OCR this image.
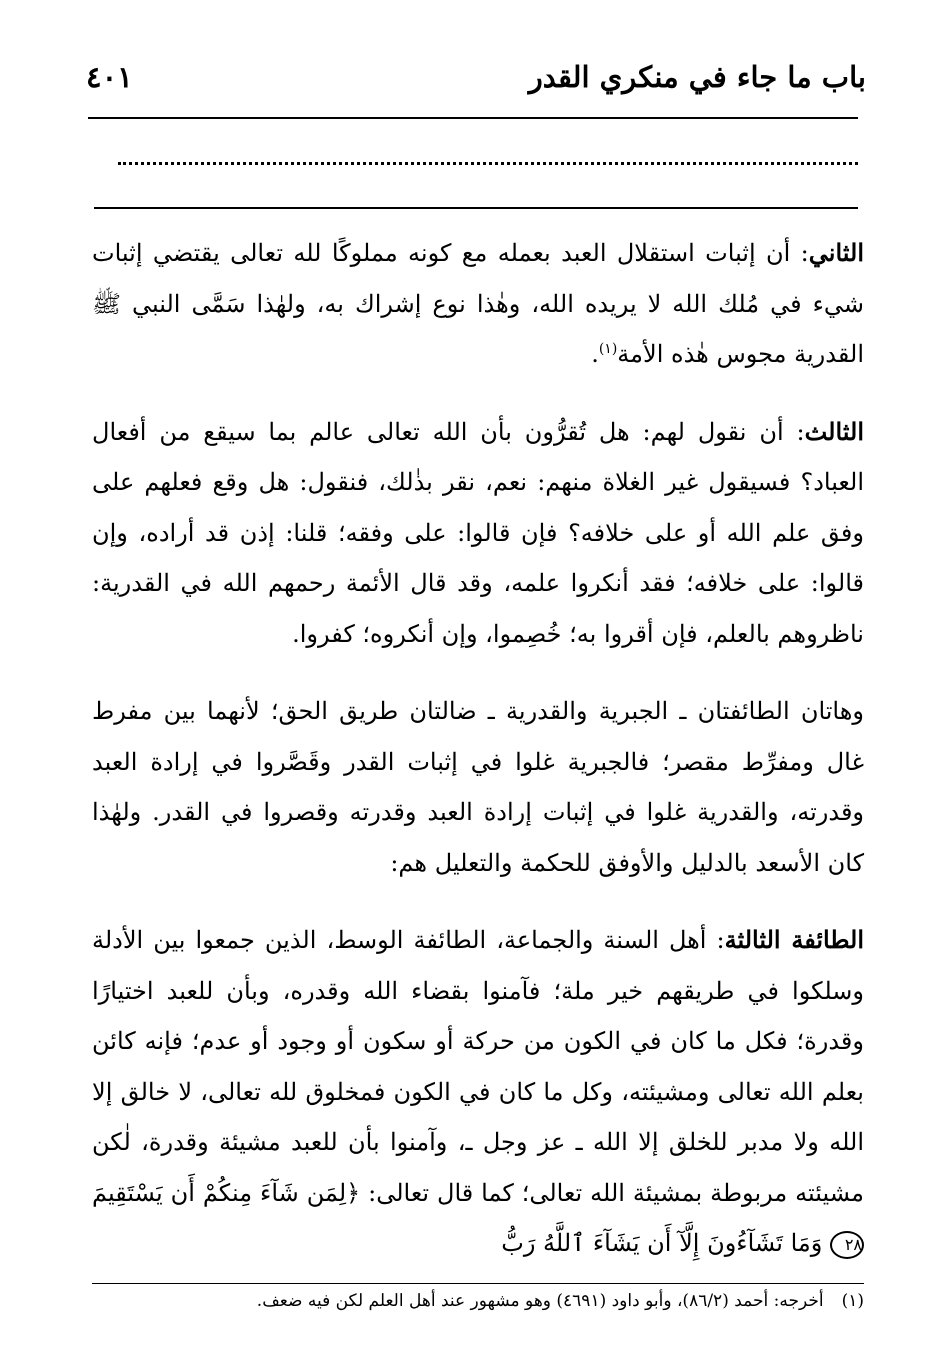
باب ما جاء في منكري القدر
٤٠١

الثاني: أن إثبات استقلال العبد بعمله مع كونه مملوكًا لله تعالى يقتضي إثبات شيء في مُلك الله لا يريده الله، وهٰذا نوع إشراك به، ولهٰذا سَمَّى النبي ﷺ القدرية مجوس هٰذه الأمة$^{(١)}$.

الثالث: أن نقول لهم: هل تُقرُّون بأن الله تعالى عالم بما سيقع من أفعال العباد؟ فسيقول غير الغلاة منهم: نعم، نقر بذٰلك، فنقول: هل وقع فعلهم على وفق علم الله أو على خلافه؟ فإن قالوا: على وفقه؛ قلنا: إذن قد أراده، وإن قالوا: على خلافه؛ فقد أنكروا علمه، وقد قال الأئمة رحمهم الله في القدرية: ناظروهم بالعلم، فإن أقروا به؛ خُصِموا، وإن أنكروه؛ كفروا.

وهاتان الطائفتان ـ الجبرية والقدرية ـ ضالتان طريق الحق؛ لأنهما بين مفرط غال ومفرِّط مقصر؛ فالجبرية غلوا في إثبات القدر وقَصَّروا في إرادة العبد وقدرته، والقدرية غلوا في إثبات إرادة العبد وقدرته وقصروا في القدر. ولهٰذا كان الأسعد بالدليل والأوفق للحكمة والتعليل هم:

الطائفة الثالثة: أهل السنة والجماعة، الطائفة الوسط، الذين جمعوا بين الأدلة وسلكوا في طريقهم خير ملة؛ فآمنوا بقضاء الله وقدره، وبأن للعبد اختيارًا وقدرة؛ فكل ما كان في الكون من حركة أو سكون أو وجود أو عدم؛ فإنه كائن بعلم الله تعالى ومشيئته، وكل ما كان في الكون فمخلوق لله تعالى، لا خالق إلا الله ولا مدبر للخلق إلا الله ـ عز وجل ـ، وآمنوا بأن للعبد مشيئة وقدرة، لٰكن مشيئته مربوطة بمشيئة الله تعالى؛ كما قال تعالى: ﴿لِمَن شَآءَ مِنكُمْ أَن يَسْتَقِيمَ ٢٨ وَمَا تَشَآءُونَ إِلَّآ أَن يَشَآءَ ٱللَّهُ رَبُّ

(١)أخرجه: أحمد (٨٦/٢)، وأبو داود (٤٦٩١) وهو مشهور عند أهل العلم لكن فيه ضعف.
